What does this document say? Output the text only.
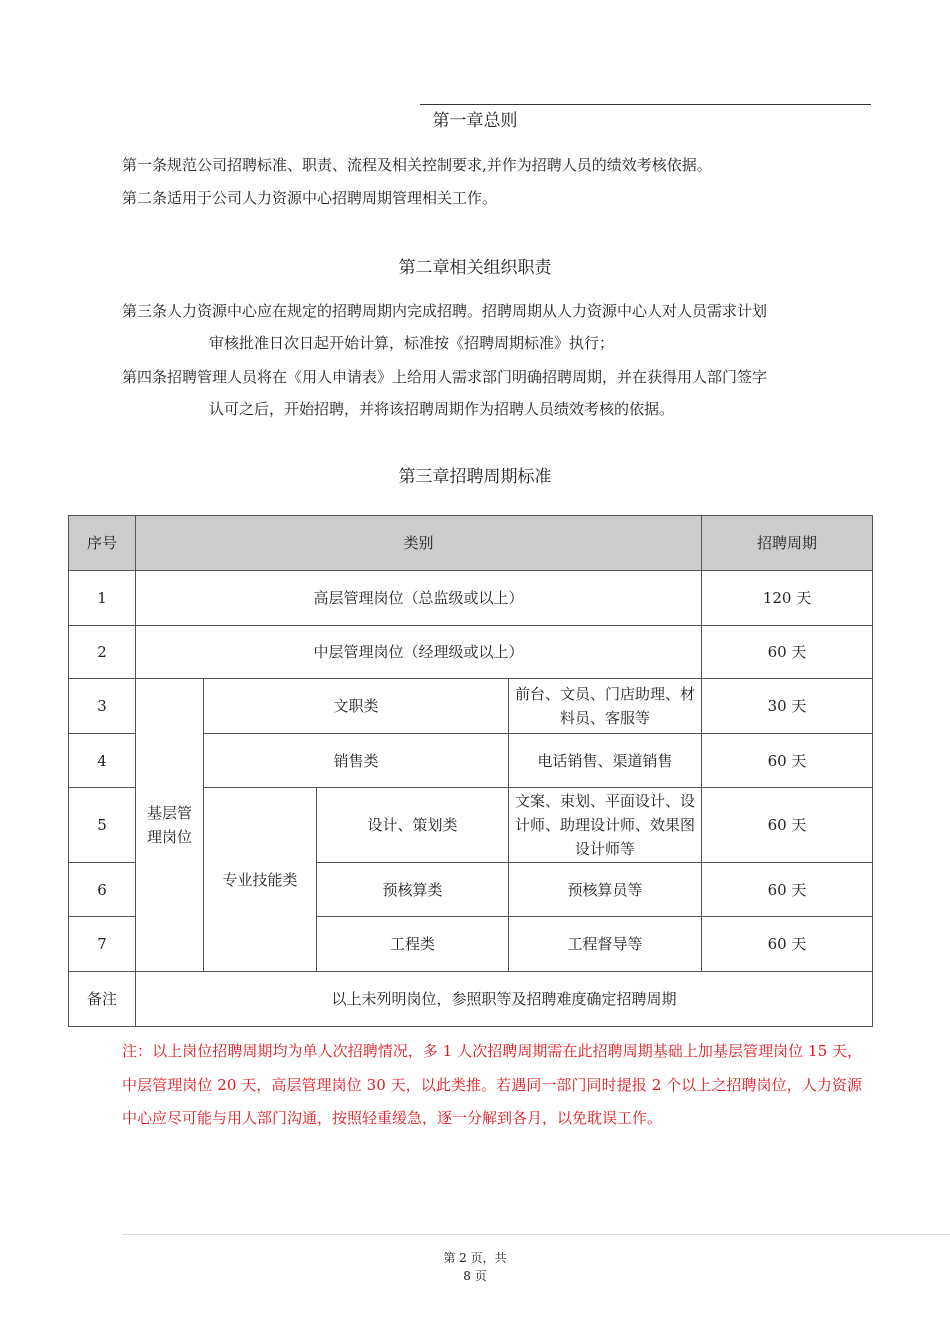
第一章总则
第一条规范公司招聘标准、职责、流程及相关控制要求,并作为招聘人员的绩效考核依据。
第二条适用于公司人力资源中心招聘周期管理相关工作。
第二章相关组织职责
第三条人力资源中心应在规定的招聘周期内完成招聘。招聘周期从人力资源中心人对人员需求计划
审核批准日次日起开始计算，标准按《招聘周期标准》执行；
第四条招聘管理人员将在《用人申请表》上给用人需求部门明确招聘周期，并在获得用人部门签字
认可之后，开始招聘，并将该招聘周期作为招聘人员绩效考核的依据。
第三章招聘周期标准
序号	类别				招聘周期
1	高层管理岗位（总监级或以上）				120 天
2	中层管理岗位（经理级或以上）				60 天
3	基层管理岗位	文职类		前台、文员、门店助理、材料员、客服等	30 天
4		销售类		电话销售、渠道销售	60 天
5		专业技能类	设计、策划类	文案、束划、平面设计、设计师、助理设计师、效果图设计师等	60 天
6			预核算类	预核算员等	60 天
7			工程类	工程督导等	60 天
备注	以上未列明岗位，参照职等及招聘难度确定招聘周期				
注：以上岗位招聘周期均为单人次招聘情况，多 1 人次招聘周期需在此招聘周期基础上加基层管理岗位 15 天，中层管理岗位 20 天，高层管理岗位 30 天，以此类推。若遇同一部门同时提报 2 个以上之招聘岗位，人力资源中心应尽可能与用人部门沟通，按照轻重缓急，逐一分解到各月，以免耽误工作。
第 2 页，共
8 页
